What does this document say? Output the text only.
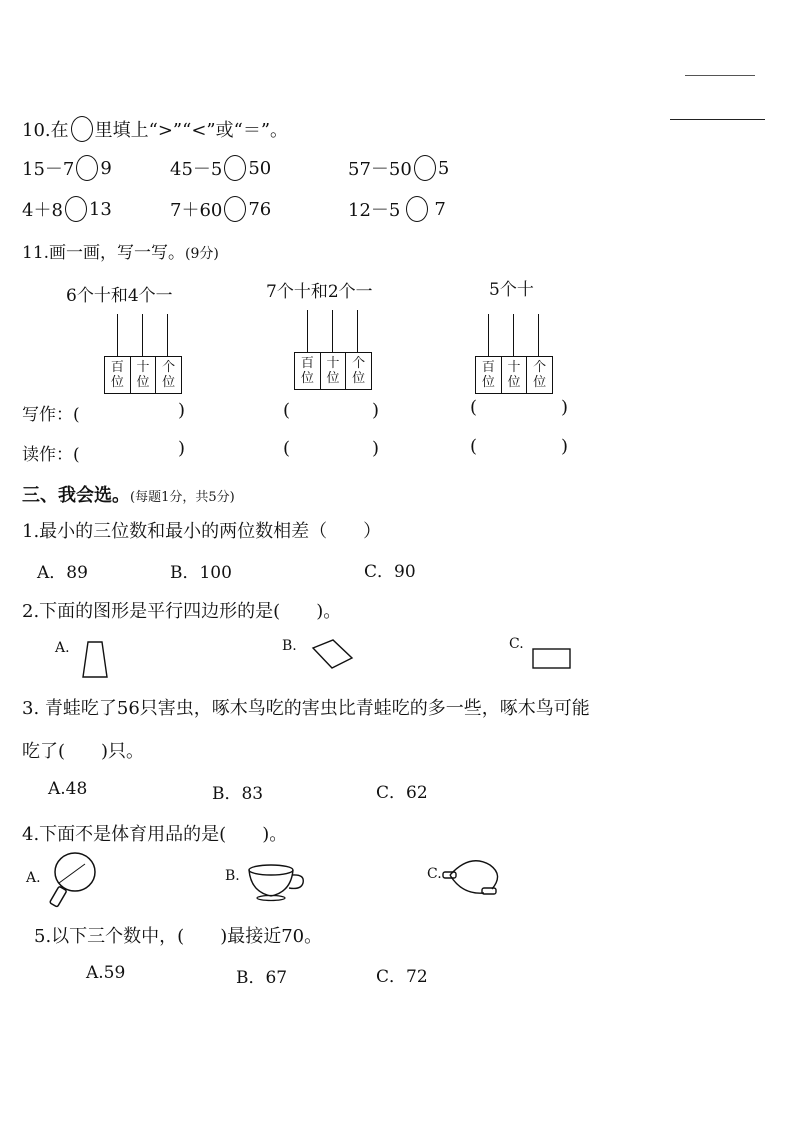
10.在 里填上“>”“<”或“＝”。
15－7 9	45－5 50	57－50 5
4＋8 13	7＋60 76	12－5 7
11.画一画，写一写。(9分)
6个十和4个一	7个十和2个一	5个十
百位
十位
个位
百位
十位
个位
百位
十位
个位
写作：(	)	(	)	(	)
读作：(	)	(	)	(	)
三、我会选。(每题1分，共5分)
1.最小的三位数和最小的两位数相差（　　）
A．89	B．100	C．90
2.下面的图形是平行四边形的是(　　)。
A.	B.	C.
3. 青蛙吃了56只害虫，啄木鸟吃的害虫比青蛙吃的多一些，啄木鸟可能
吃了(　　)只。
A.48	B．83	C．62
4.下面不是体育用品的是(　　)。
A.	B.	C.
5.以下三个数中，(　　)最接近70。
A.59	B．67	C．72
